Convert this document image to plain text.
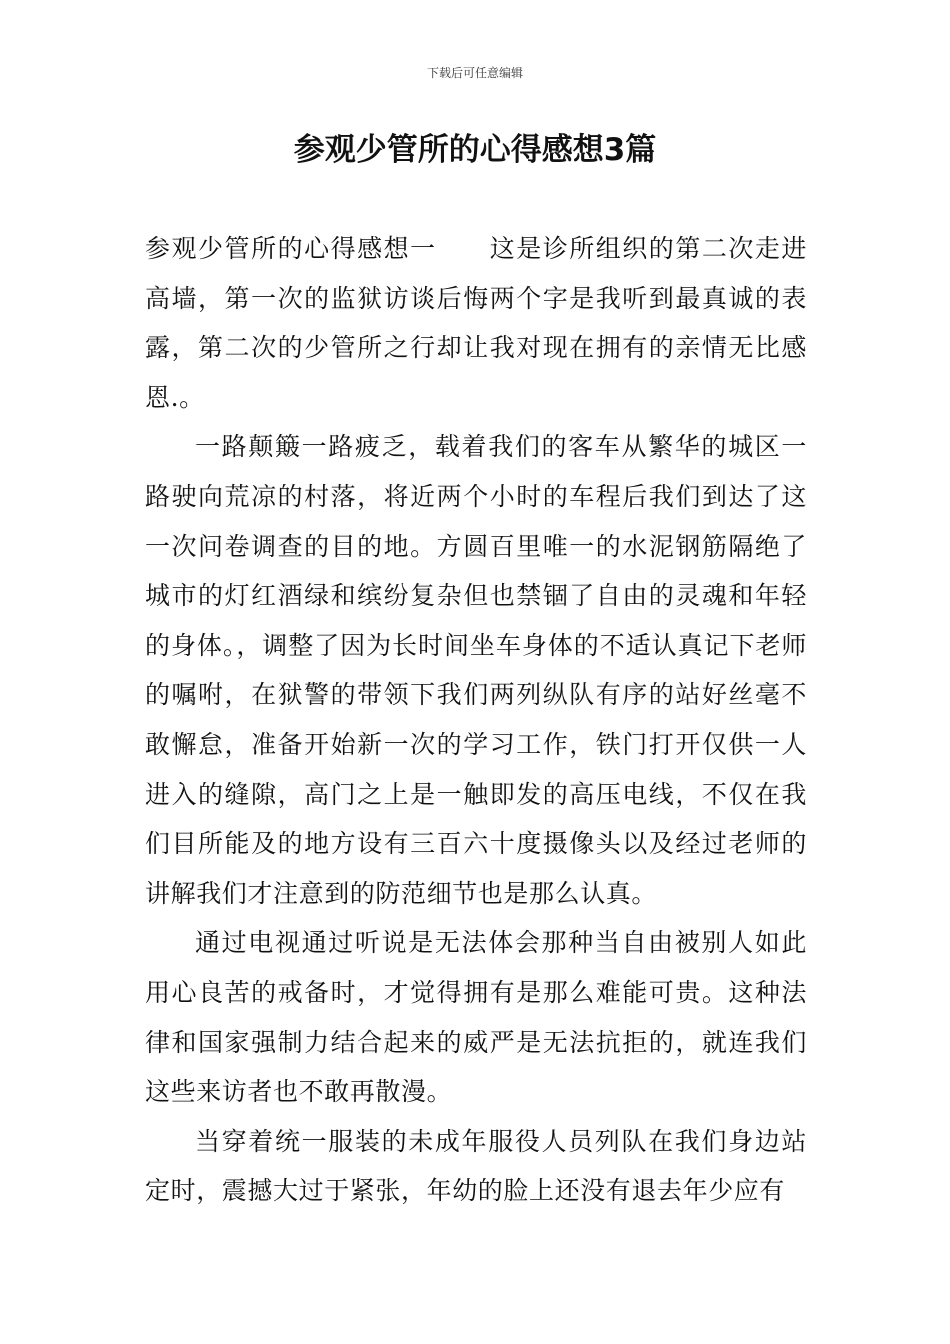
下载后可任意编辑
参观少管所的心得感想3篇

参观少管所的心得感想一　　这是诊所组织的第二次走进高墙，第一次的监狱访谈后悔两个字是我听到最真诚的表露，第二次的少管所之行却让我对现在拥有的亲情无比感恩.。

一路颠簸一路疲乏，载着我们的客车从繁华的城区一路驶向荒凉的村落，将近两个小时的车程后我们到达了这一次问卷调查的目的地。方圆百里唯一的水泥钢筋隔绝了城市的灯红酒绿和缤纷复杂但也禁锢了自由的灵魂和年轻的身体。，调整了因为长时间坐车身体的不适认真记下老师的嘱咐，在狱警的带领下我们两列纵队有序的站好丝毫不敢懈怠，准备开始新一次的学习工作，铁门打开仅供一人进入的缝隙，高门之上是一触即发的高压电线，不仅在我们目所能及的地方设有三百六十度摄像头以及经过老师的讲解我们才注意到的防范细节也是那么认真。

通过电视通过听说是无法体会那种当自由被别人如此用心良苦的戒备时，才觉得拥有是那么难能可贵。这种法律和国家强制力结合起来的威严是无法抗拒的，就连我们这些来访者也不敢再散漫。

当穿着统一服装的未成年服役人员列队在我们身边站定时，震撼大过于紧张，年幼的脸上还没有退去年少应有
